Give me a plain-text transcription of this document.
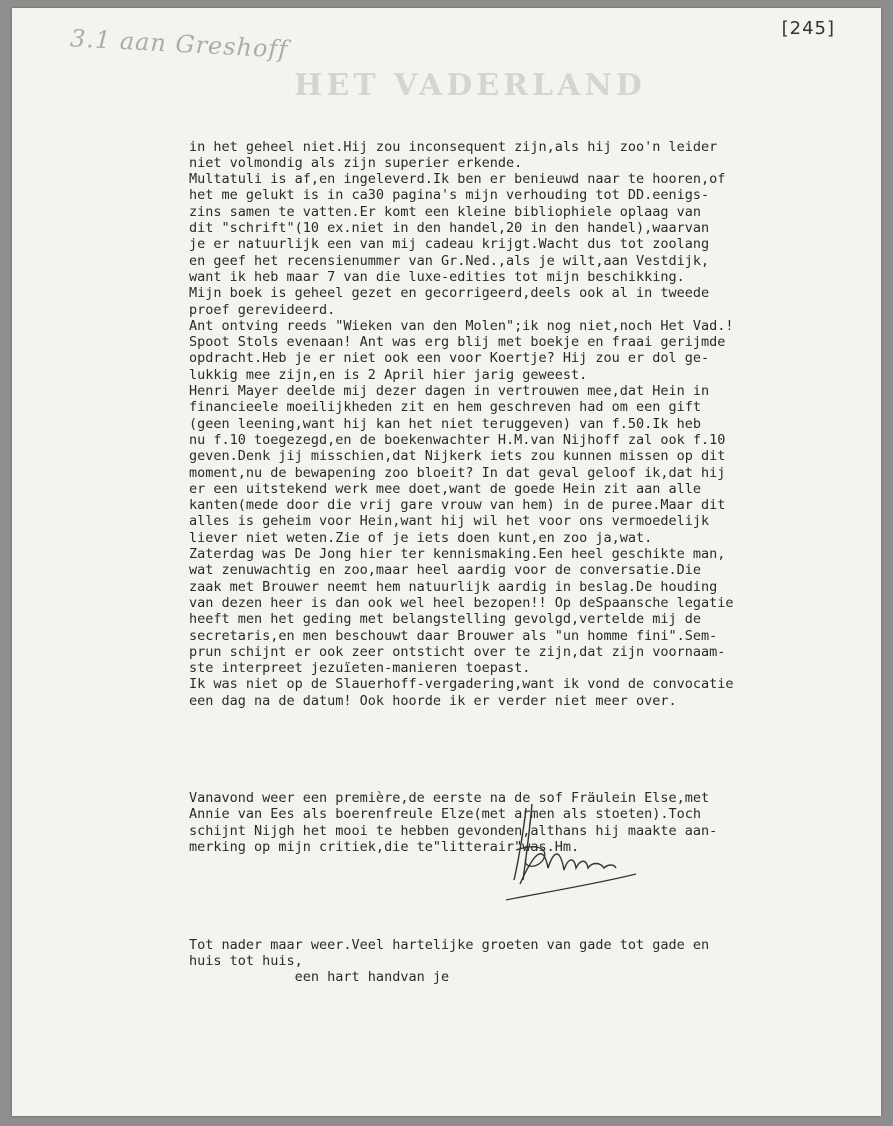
3.1 aan Greshoff	[245]
HET VADERLAND

in het geheel niet.Hij zou inconsequent zijn,als hij zoo'n leider
niet volmondig als zijn superier erkende.
Multatuli is af,en ingeleverd.Ik ben er benieuwd naar te hooren,of
het me gelukt is in ca30 pagina's mijn verhouding tot DD.eenigs-
zins samen te vatten.Er komt een kleine bibliophiele oplaag van
dit "schrift"(10 ex.niet in den handel,20 in den handel),waarvan
je er natuurlijk een van mij cadeau krijgt.Wacht dus tot zoolang
en geef het recensienummer van Gr.Ned.,als je wilt,aan Vestdijk,
want ik heb maar 7 van die luxe-edities tot mijn beschikking.
Mijn boek is geheel gezet en gecorrigeerd,deels ook al in tweede
proef gerevideerd.
Ant ontving reeds "Wieken van den Molen";ik nog niet,noch Het Vad.!
Spoot Stols evenaan! Ant was erg blij met boekje en fraai gerijmde
opdracht.Heb je er niet ook een voor Koertje? Hij zou er dol ge-
lukkig mee zijn,en is 2 April hier jarig geweest.
Henri Mayer deelde mij dezer dagen in vertrouwen mee,dat Hein in
financieele moeilijkheden zit en hem geschreven had om een gift
(geen leening,want hij kan het niet teruggeven) van f.50.Ik heb
nu f.10 toegezegd,en de boekenwachter H.M.van Nijhoff zal ook f.10
geven.Denk jij misschien,dat Nijkerk iets zou kunnen missen op dit
moment,nu de bewapening zoo bloeit? In dat geval geloof ik,dat hij
er een uitstekend werk mee doet,want de goede Hein zit aan alle
kanten(mede door die vrij gare vrouw van hem) in de puree.Maar dit
alles is geheim voor Hein,want hij wil het voor ons vermoedelijk
liever niet weten.Zie of je iets doen kunt,en zoo ja,wat.
Zaterdag was De Jong hier ter kennismaking.Een heel geschikte man,
wat zenuwachtig en zoo,maar heel aardig voor de conversatie.Die
zaak met Brouwer neemt hem natuurlijk aardig in beslag.De houding
van dezen heer is dan ook wel heel bezopen!! Op deSpaansche legatie
heeft men het geding met belangstelling gevolgd,vertelde mij de
secretaris,en men beschouwt daar Brouwer als "un homme fini".Sem-
prun schijnt er ook zeer ontsticht over te zijn,dat zijn voornaam-
ste interpreet jezuïeten-manieren toepast.
Ik was niet op de Slauerhoff-vergadering,want ik vond de convocatie
een dag na de datum! Ook hoorde ik er verder niet meer over.

Vanavond weer een première,de eerste na de sof Fräulein Else,met
Annie van Ees als boerenfreule Elze(met armen als stoeten).Toch
schijnt Nijgh het mooi te hebben gevonden,althans hij maakte aan-
merking op mijn critiek,die te"litterair"was.Hm.

Tot nader maar weer.Veel hartelijke groeten van gade tot gade en
huis tot huis,
een hart handvan je
